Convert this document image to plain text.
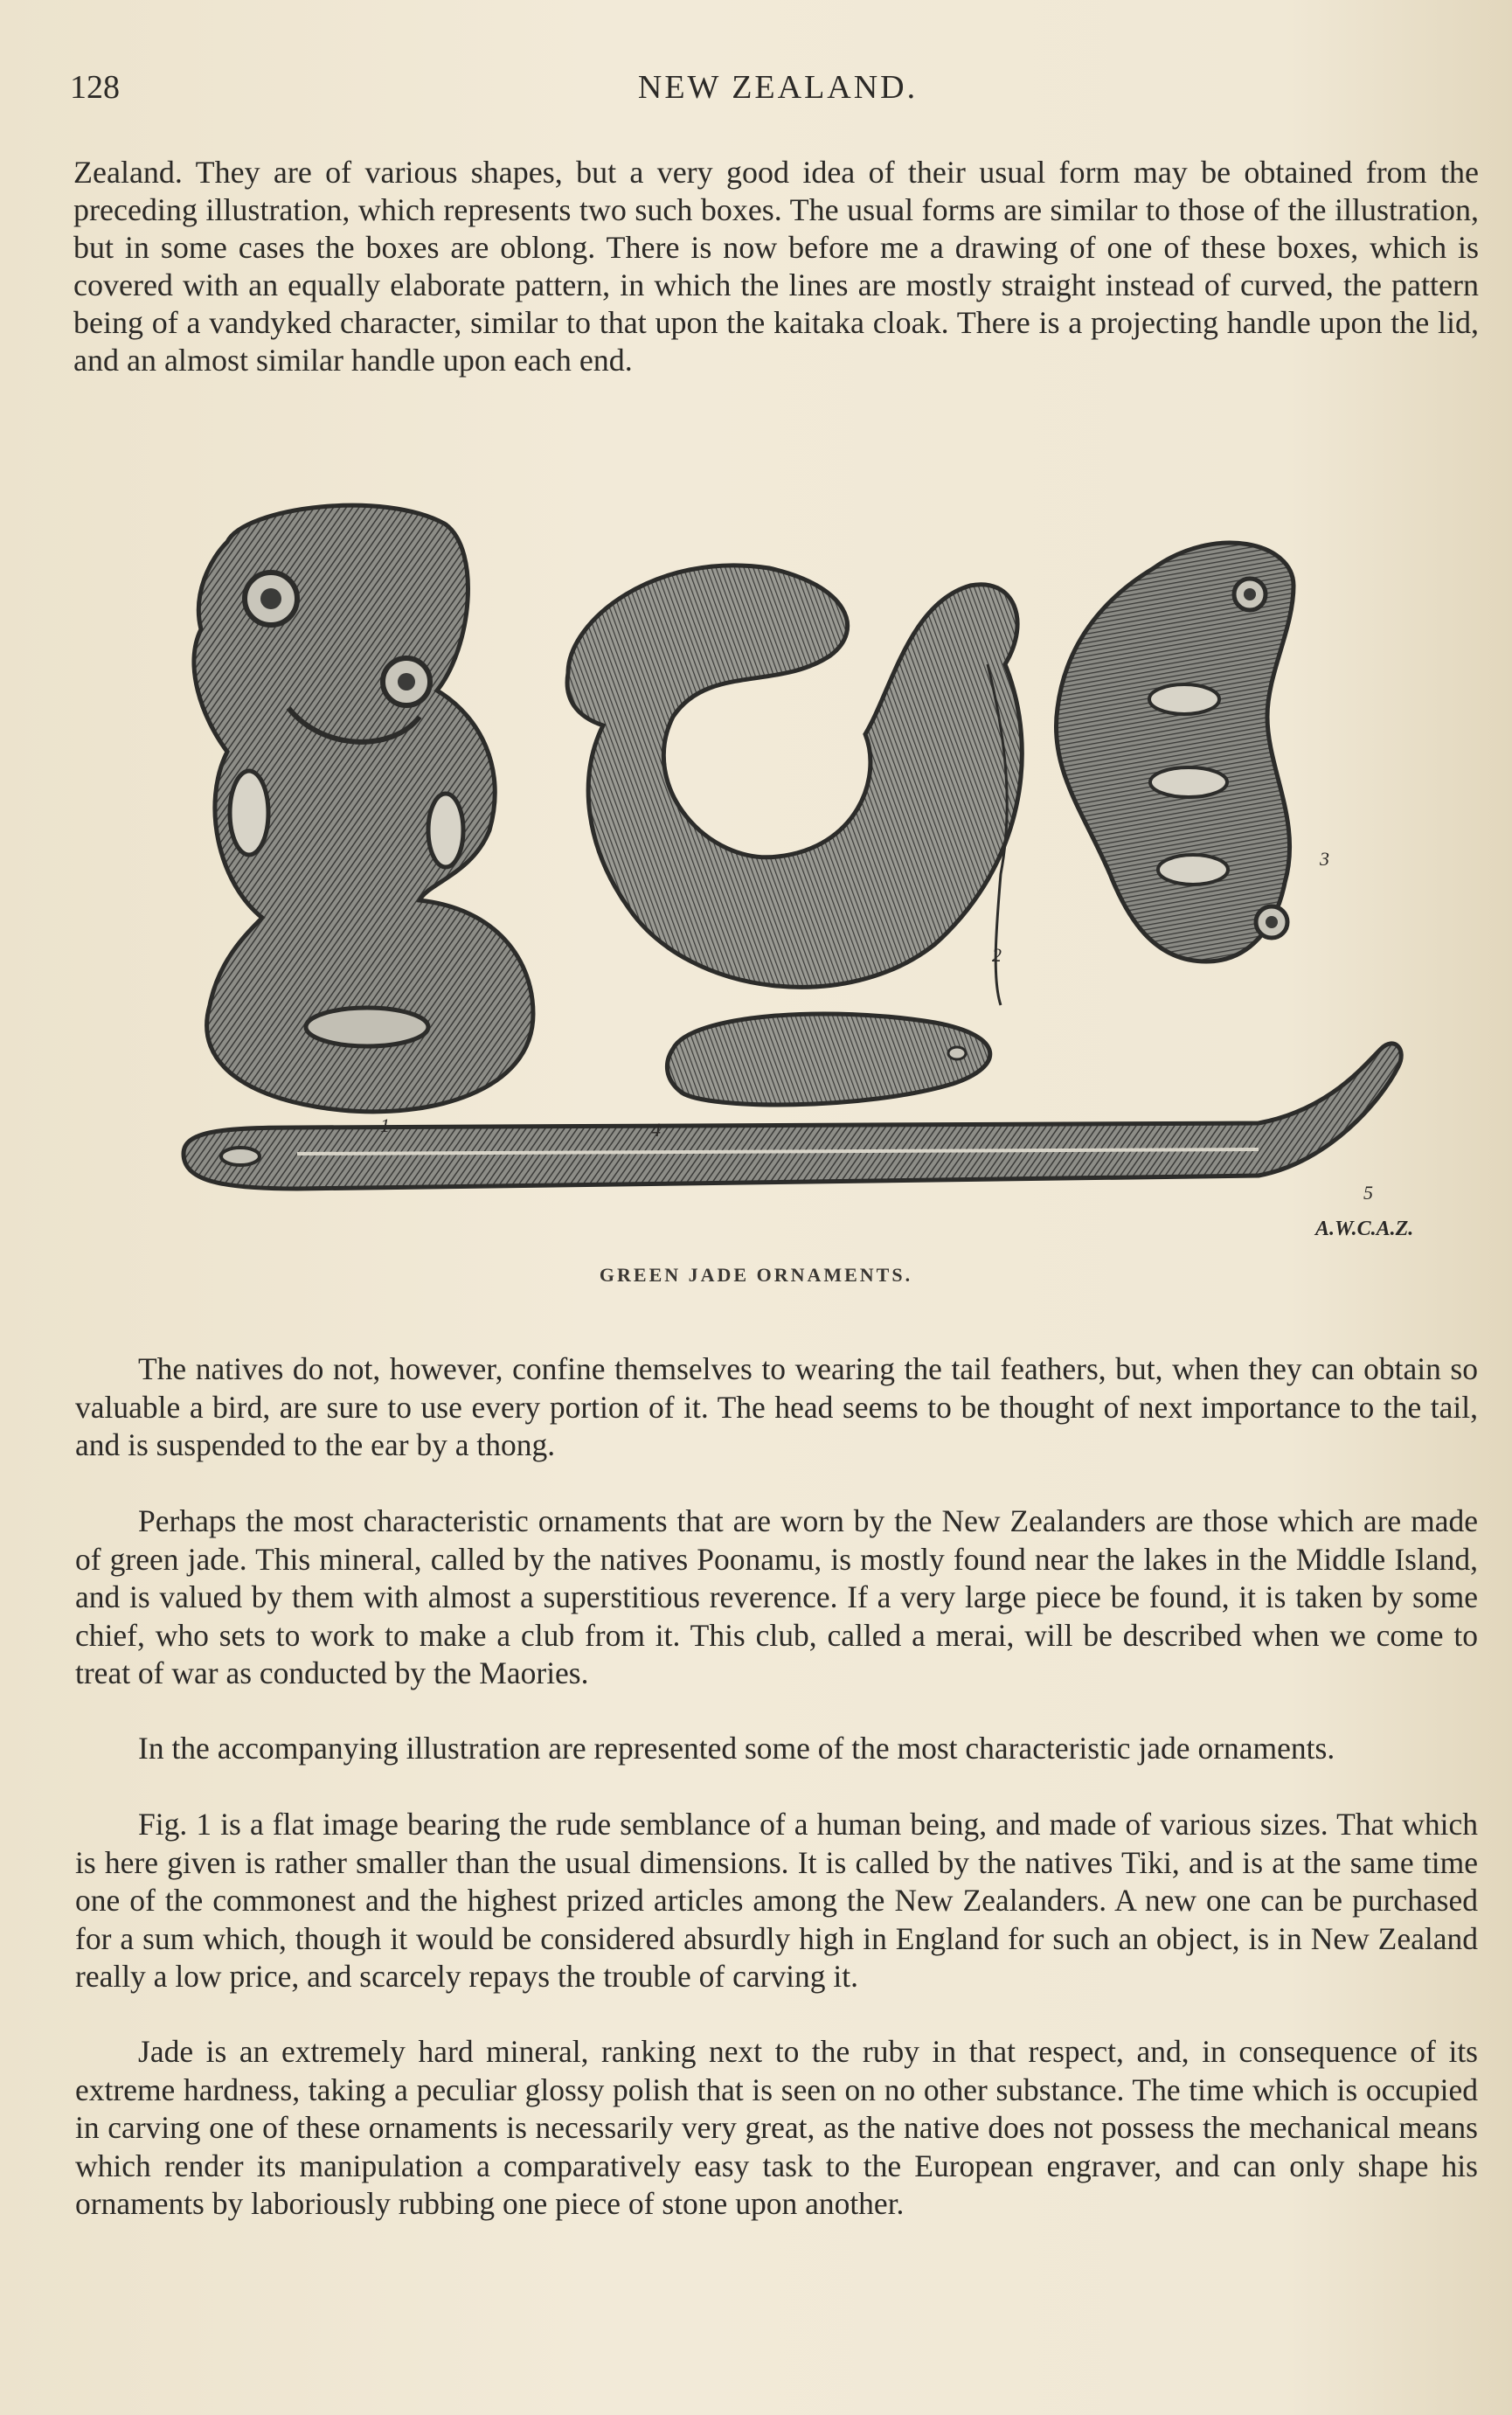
128	NEW ZEALAND.

Zealand. They are of various shapes, but a very good idea of their usual form may be obtained from the preceding illustration, which represents two such boxes. The usual forms are similar to those of the illustration, but in some cases the boxes are oblong. There is now before me a drawing of one of these boxes, which is covered with an equally elaborate pattern, in which the lines are mostly straight instead of curved, the pattern being of a vandyked character, similar to that upon the kaitaka cloak. There is a projecting handle upon the lid, and an almost similar handle upon each end.

1
2
3
4
5
A.W.C.A.Z.
GREEN JADE ORNAMENTS.

The natives do not, however, confine themselves to wearing the tail feathers, but, when they can obtain so valuable a bird, are sure to use every portion of it. The head seems to be thought of next importance to the tail, and is suspended to the ear by a thong.

Perhaps the most characteristic ornaments that are worn by the New Zealanders are those which are made of green jade. This mineral, called by the natives Poonamu, is mostly found near the lakes in the Middle Island, and is valued by them with almost a superstitious reverence. If a very large piece be found, it is taken by some chief, who sets to work to make a club from it. This club, called a merai, will be described when we come to treat of war as conducted by the Maories.

In the accompanying illustration are represented some of the most characteristic jade ornaments.

Fig. 1 is a flat image bearing the rude semblance of a human being, and made of various sizes. That which is here given is rather smaller than the usual dimensions. It is called by the natives Tiki, and is at the same time one of the commonest and the highest prized articles among the New Zealanders. A new one can be purchased for a sum which, though it would be considered absurdly high in England for such an object, is in New Zealand really a low price, and scarcely repays the trouble of carving it.

Jade is an extremely hard mineral, ranking next to the ruby in that respect, and, in consequence of its extreme hardness, taking a peculiar glossy polish that is seen on no other substance. The time which is occupied in carving one of these ornaments is necessarily very great, as the native does not possess the mechanical means which render its manipulation a comparatively easy task to the European engraver, and can only shape his ornaments by laboriously rubbing one piece of stone upon another.
